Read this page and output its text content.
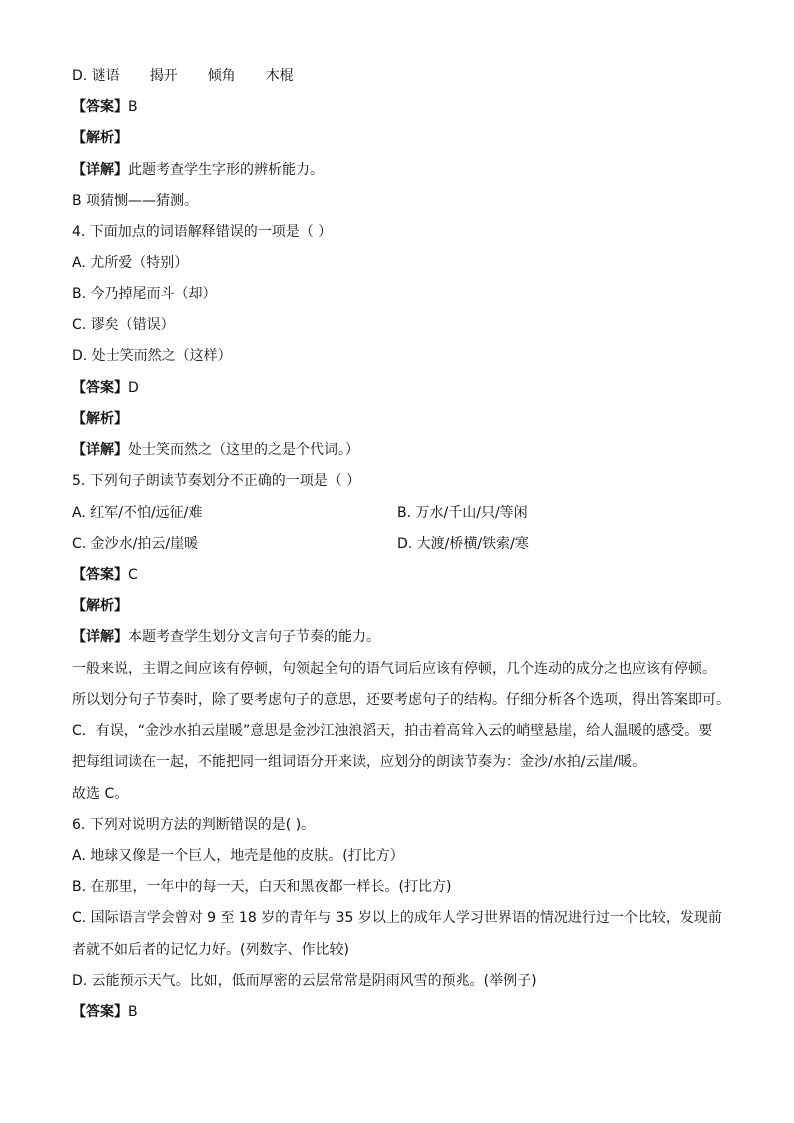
D. 谜语 揭开 倾角 木棍
【答案】B
【解析】
【详解】此题考查学生字形的辨析能力。
B 项猜恻——猜测。
4. 下面加点的词语解释错误的一项是（ ）
A. 尤所爱（特别）
B. 今乃掉尾而斗（却）
C. 谬矣（错误）
D. 处士笑而然之（这样）
【答案】D
【解析】
【详解】处士笑而然之（这里的之是个代词。）
5. 下列句子朗读节奏划分不正确的一项是（ ）
A. 红军/不怕/远征/难	B. 万水/千山/只/等闲
C. 金沙水/拍云/崖暖	D. 大渡/桥横/铁索/寒
【答案】C
【解析】
【详解】本题考查学生划分文言句子节奏的能力。
一般来说，主谓之间应该有停顿，句领起全句的语气词后应该有停顿，几个连动的成分之也应该有停顿。
所以划分句子节奏时，除了要考虑句子的意思，还要考虑句子的结构。仔细分析各个选项，得出答案即可。
C．有误，“金沙水拍云崖暖”意思是金沙江浊浪滔天，拍击着高耸入云的峭壁悬崖，给人温暖的感受。要
把每组词读在一起，不能把同一组词语分开来读，应划分的朗读节奏为：金沙/水拍/云崖/暖。
故选 C。
6. 下列对说明方法的判断错误的是( )。
A. 地球又像是一个巨人，地壳是他的皮肤。(打比方）
B. 在那里，一年中的每一天，白天和黑夜都一样长。(打比方)
C. 国际语言学会曾对 9 至 18 岁的青年与 35 岁以上的成年人学习世界语的情况进行过一个比较，发现前
者就不如后者的记忆力好。(列数字、作比较)
D. 云能预示天气。比如，低而厚密的云层常常是阴雨风雪的预兆。(举例子)
【答案】B
